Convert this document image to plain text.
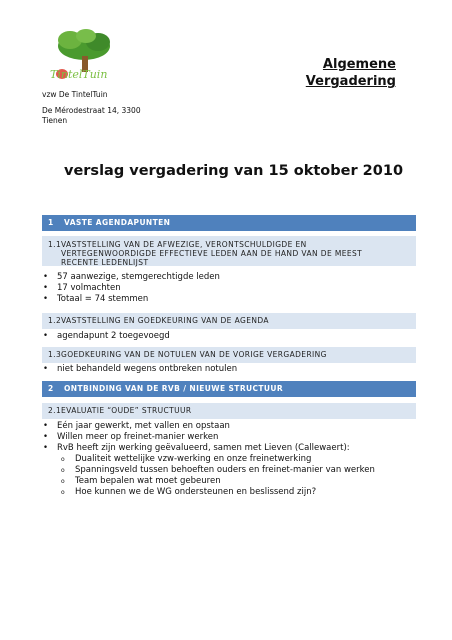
TintelTuin
vzw De TintelTuin
De Mérodestraat 14, 3300
Tienen
Algemene
Vergadering
verslag vergadering van 15 oktober 2010
1 VASTE AGENDAPUNTEN
1.1VASTSTELLING VAN DE AFWEZIGE, VERONTSCHULDIGDE EN VERTEGENWOORDIGDE EFFECTIEVE LEDEN AAN DE HAND VAN DE MEEST RECENTE LEDENLIJST
• 57 aanwezige, stemgerechtigde leden
• 17 volmachten
• Totaal = 74 stemmen
1.2VASTSTELLING EN GOEDKEURING VAN DE AGENDA
• agendapunt 2 toegevoegd
1.3GOEDKEURING VAN DE NOTULEN VAN DE VORIGE VERGADERING
• niet behandeld wegens ontbreken notulen
2 ONTBINDING VAN DE RVB / NIEUWE STRUCTUUR
2.1EVALUATIE “OUDE” STRUCTUUR
• Eén jaar gewerkt, met vallen en opstaan
• Willen meer op freinet-manier werken
• RvB heeft zijn werking geëvalueerd, samen met Lieven (Callewaert):
o Dualiteit wettelijke vzw-werking en onze freinetwerking
o Spanningsveld tussen behoeften ouders en freinet-manier van werken
o Team bepalen wat moet gebeuren
o Hoe kunnen we de WG ondersteunen en beslissend zijn?
